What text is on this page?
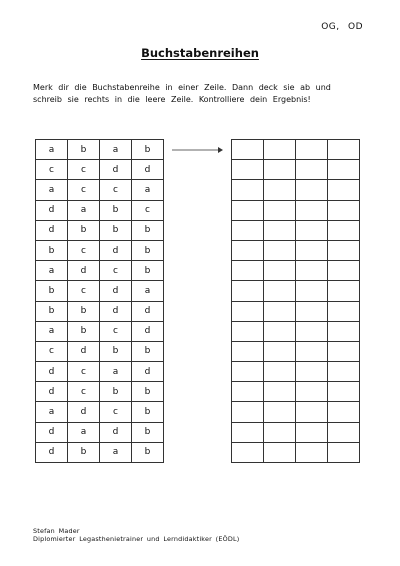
OG, OD
Buchstabenreihen
Merk dir die Buchstabenreihe in einer Zeile. Dann deck sie ab und schreib sie rechts in die leere Zeile. Kontrolliere dein Ergebnis!
a	b	a	b
c	c	d	d
a	c	c	a
d	a	b	c
d	b	b	b
b	c	d	b
a	d	c	b
b	c	d	a
b	b	d	d
a	b	c	d
c	d	b	b
d	c	a	d
d	c	b	b
a	d	c	b
d	a	d	b
d	b	a	b

Stefan Mader
Diplomierter Legasthenietrainer und Lerndidaktiker (EÖDL)
